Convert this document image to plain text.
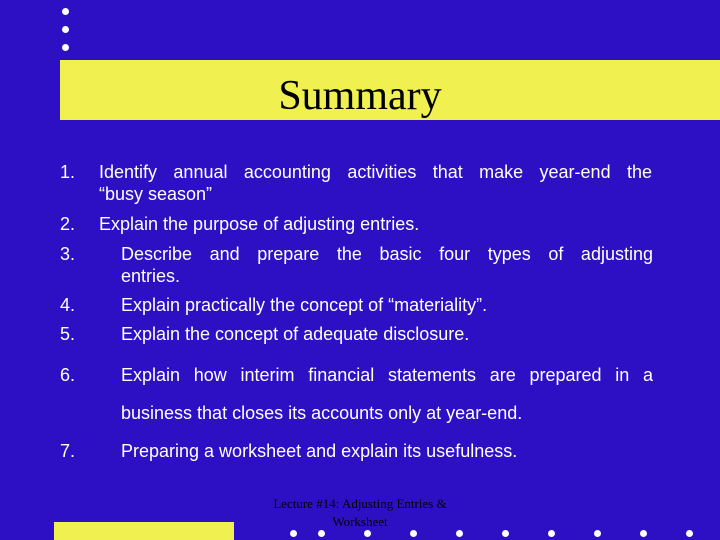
Summary
1. Identify annual accounting activities that make year-end the
“busy season”
2. Explain the purpose of adjusting entries.
3.	Describe and prepare the basic four types of adjusting
entries.
4.	Explain practically the concept of “materiality”.
5.	Explain the concept of adequate disclosure.
6.	Explain how interim financial statements are prepared in a
business that closes its accounts only at year-end.
7.	Preparing a worksheet and explain its usefulness.
Lecture #14: Adjusting Entries &
Worksheet
